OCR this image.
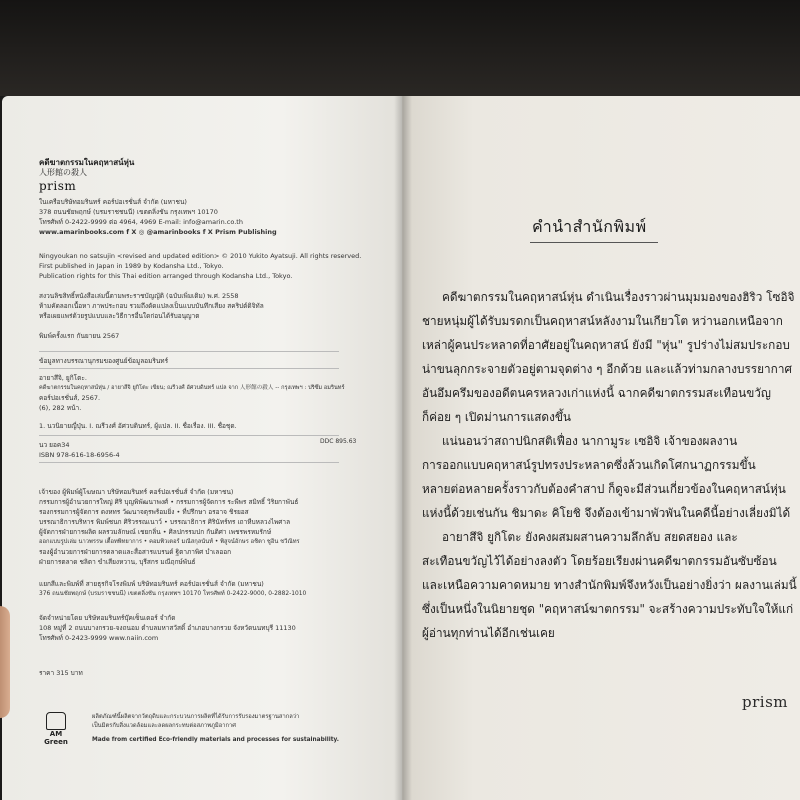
คดีฆาตกรรมในคฤหาสน์หุ่น
人形館の殺人
prism
ในเครือบริษัทอมรินทร์ คอร์ปอเรชั่นส์ จำกัด (มหาชน)
378 ถนนชัยพฤกษ์ (บรมราชชนนี) เขตตลิ่งชัน กรุงเทพฯ 10170
โทรศัพท์ 0-2422-9999 ต่อ 4964, 4969 E-mail: info@amarin.co.th
www.amarinbooks.com f X ◎ @amarinbooks f X Prism Publishing
Ningyoukan no satsujin <revised and updated edition> © 2010 Yukito Ayatsuji. All rights reserved.
First published in Japan in 1989 by Kodansha Ltd., Tokyo.
Publication rights for this Thai edition arranged through Kodansha Ltd., Tokyo.
สงวนลิขสิทธิ์หนังสือเล่มนี้ตามพระราชบัญญัติ (ฉบับเพิ่มเติม) พ.ศ. 2558
ห้ามคัดลอกเนื้อหา ภาพประกอบ รวมถึงดัดแปลงเป็นแบบบันทึกเสียง สคริปต์ดิจิทัล
หรือเผยแพร่ด้วยรูปแบบและวิธีการอื่นใดก่อนได้รับอนุญาต
พิมพ์ครั้งแรก กันยายน 2567
ข้อมูลทางบรรณานุกรมของศูนย์ข้อมูลอมรินทร์
อายาสึจิ, ยูกิโตะ.
คดีฆาตกรรมในคฤหาสน์หุ่น / อายาสึจิ ยูกิโตะ เขียน; ณรีวงศ์ อัศวบดินทร์ แปล จาก 人形館の殺人 -- กรุงเทพฯ : ปริซึม อมรินทร์
คอร์ปอเรชั่นส์, 2567.
(6), 282 หน้า.
1. นวนิยายญี่ปุ่น. I. ณรีวงศ์ อัศวบดินทร์, ผู้แปล. II. ชื่อเรื่อง. III. ชื่อชุด.
DDC 895.63
นว ยอค34
ISBN 978-616-18-6956-4
เจ้าของ ผู้พิมพ์ผู้โฆษณา บริษัทอมรินทร์ คอร์ปอเรชั่นส์ จำกัด (มหาชน)
กรรมการผู้อำนวยการใหญ่ ศิริ บุญพิพัฒนาพงศ์ • กรรมการผู้จัดการ ระพีพร สมิทธิ์ วิริยกาพันธ์
รองกรรมการผู้จัดการ ดงหทร วัฒนาจตุรพร้อมยิ่ง • ที่ปรึกษา อรอาจ ชิรยอส
บรรณาธิการบริหาร พิมพ์ชนก ศิริวรรณเนาว์ • บรรณาธิการ ศิรินัทร์ทร เถาหีบหลวงไพศาล
ผู้จัดการฝ่ายการผลิต ผลรวมลักษณ์ เชยกลิ่น • ศิลปกรรมปก กันติศา เพชรพรหมรักษ์
ออกแบบรูปเล่ม นาวพรรษ เตื้อทพิทยาการ • คอมพิวเตอร์ มณีสกุลนันท์ • พิสูจน์อักษร อชิตา ชูอิน ชวีณิทร
รองผู้อำนวยการฝ่ายการตลาดและสื่อสารแบรนด์ ฐิตาภาพิศ บำเลออก
ฝ่ายการตลาด ชลิตา ขำเสียงหวาน, บุรีสกร มณีฤกษ์พันธ์
แยกสีและพิมพ์ที่ สายธุรกิจโรงพิมพ์ บริษัทอมรินทร์ คอร์ปอเรชั่นส์ จำกัด (มหาชน)
376 ถนนชัยพฤกษ์ (บรมราชชนนี) เขตตลิ่งชัน กรุงเทพฯ 10170 โทรศัพท์ 0-2422-9000, 0-2882-1010
จัดจำหน่ายโดย บริษัทอมรินทร์บุ๊คเซ็นเตอร์ จำกัด
108 หมู่ที่ 2 ถนนบางกรวย-จงถนอม ตำบลมหาสวัสดิ์ อำเภอบางกรวย จังหวัดนนทบุรี 11130
โทรศัพท์ 0-2423-9999 www.naiin.com
ราคา 315 บาท
AM
Green
ผลิตภัณฑ์นี้ผลิตจากวัตถุดิบและกระบวนการผลิตที่ได้รับการรับรองมาตรฐานสากลว่า
เป็นมิตรกับสิ่งแวดล้อมและลดผลกระทบต่อสภาพภูมิอากาศ
Made from certified Eco-friendly materials and processes for sustainability.
คำนำสำนักพิมพ์

คดีฆาตกรรมในคฤหาสน์หุ่น ดำเนินเรื่องราวผ่านมุมมองของฮิริว โซอิจิ

ชายหนุ่มผู้ได้รับมรดกเป็นคฤหาสน์หลังงามในเกียวโต หว่านอกเหนือจาก

เหล่าผู้คนประหลาดที่อาศัยอยู่ในคฤหาสน์ ยังมี "หุ่น" รูปร่างไม่สมประกอบ

น่าขนลุกกระจายตัวอยู่ตามจุดต่าง ๆ อีกด้วย และแล้วท่ามกลางบรรยากาศ

อันอึมครึมของอดีตนครหลวงเก่าแห่งนี้ ฉากคดีฆาตกรรมสะเทือนขวัญ

ก็ค่อย ๆ เปิดม่านการแสดงขึ้น

แน่นอนว่าสถาปนิกสติเฟื่อง นากามูระ เซอิจิ เจ้าของผลงาน

การออกแบบคฤหาสน์รูปทรงประหลาดซึ่งล้วนเกิดโศกนาฏกรรมขึ้น

หลายต่อหลายครั้งราวกับต้องคำสาป ก็ดูจะมีส่วนเกี่ยวข้องในคฤหาสน์หุ่น

แห่งนี้ด้วยเช่นกัน ชิมาดะ คิโยชิ จึงต้องเข้ามาพัวพันในคดีนี้อย่างเลี่ยงมิได้

อายาสึจิ ยูกิโตะ ยังคงผสมผสานความลึกลับ สยดสยอง และ

สะเทือนขวัญไว้ได้อย่างลงตัว โดยร้อยเรียงผ่านคดีฆาตกรรมอันซับซ้อน

และเหนือความคาดหมาย ทางสำนักพิมพ์จึงหวังเป็นอย่างยิ่งว่า ผลงานเล่มนี้

ซึ่งเป็นหนึ่งในนิยายชุด "คฤหาสน์ฆาตกรรม" จะสร้างความประทับใจให้แก่

ผู้อ่านทุกท่านได้อีกเช่นเคย

prism
